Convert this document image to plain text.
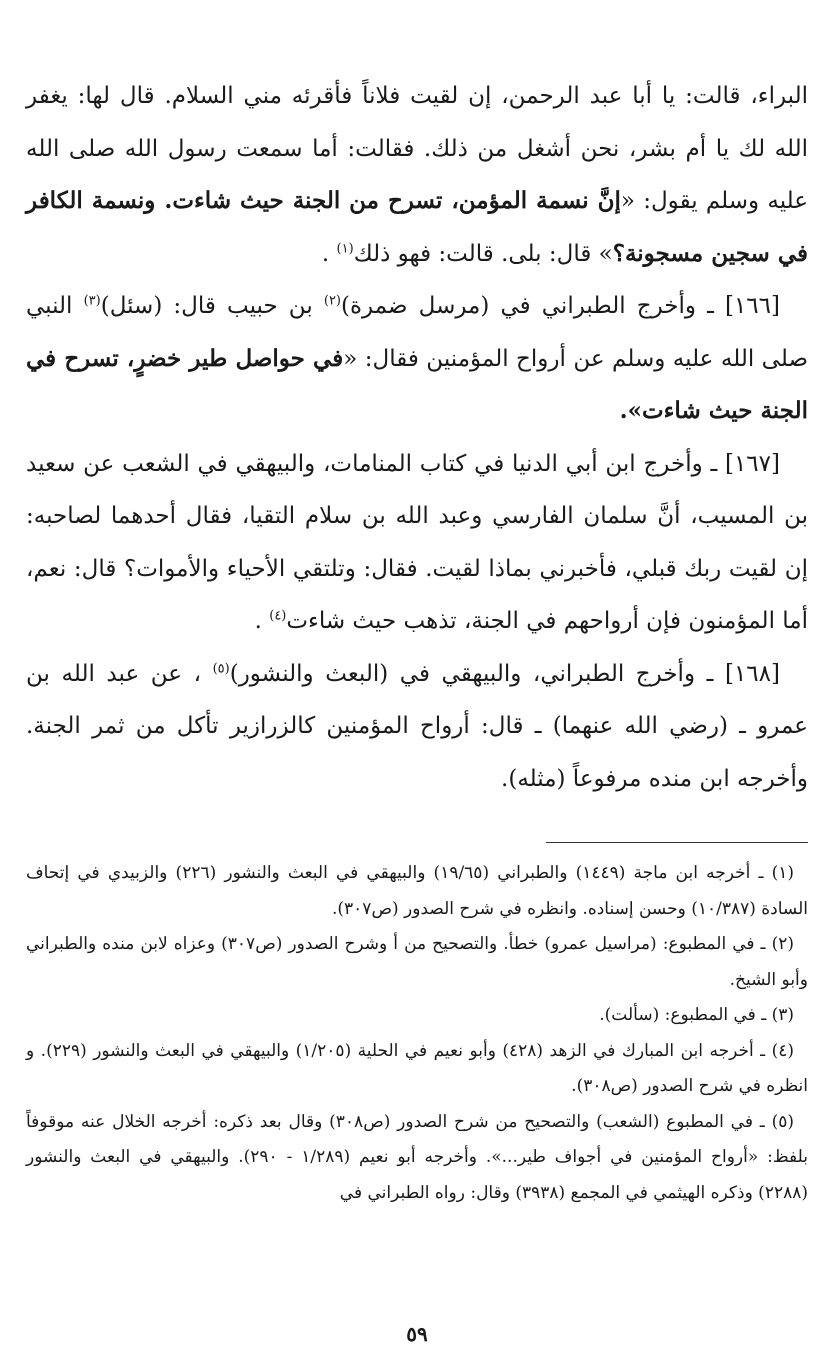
البراء، قالت: يا أبا عبد الرحمن، إن لقيت فلاناً فأقرئه مني السلام. قال لها: يغفر الله لك يا أم بشر، نحن أشغل من ذلك. فقالت: أما سمعت رسول الله صلى الله عليه وسلم يقول: «إنَّ نسمة المؤمن، تسرح من الجنة حيث شاءت. ونسمة الكافر في سجين مسجونة؟» قال: بلى. قالت: فهو ذلك$^{(١)}$ .

[١٦٦] ـ وأخرج الطبراني في (مرسل ضمرة)$^{(٢)}$ بن حبيب قال: (سئل)$^{(٣)}$ النبي صلى الله عليه وسلم عن أرواح المؤمنين فقال: «في حواصل طير خضرٍ، تسرح في الجنة حيث شاءت».

[١٦٧] ـ وأخرج ابن أبي الدنيا في كتاب المنامات، والبيهقي في الشعب عن سعيد بن المسيب، أنَّ سلمان الفارسي وعبد الله بن سلام التقيا، فقال أحدهما لصاحبه: إن لقيت ربك قبلي، فأخبرني بماذا لقيت. فقال: وتلتقي الأحياء والأموات؟ قال: نعم، أما المؤمنون فإن أرواحهم في الجنة، تذهب حيث شاءت$^{(٤)}$ .

[١٦٨] ـ وأخرج الطبراني، والبيهقي في (البعث والنشور)$^{(٥)}$ ، عن عبد الله بن عمرو ـ (رضي الله عنهما) ـ قال: أرواح المؤمنين كالزرازير تأكل من ثمر الجنة. وأخرجه ابن منده مرفوعاً (مثله).

(١) ـ أخرجه ابن ماجة (١٤٤٩) والطبراني (١٩/٦٥) والبيهقي في البعث والنشور (٢٢٦) والزبيدي في إتحاف السادة (١٠/٣٨٧) وحسن إسناده. وانظره في شرح الصدور (ص٣٠٧).

(٢) ـ في المطبوع: (مراسيل عمرو) خطأ. والتصحيح من أ وشرح الصدور (ص٣٠٧) وعزاه لابن منده والطبراني وأبو الشيخ.

(٣) ـ في المطبوع: (سألت).

(٤) ـ أخرجه ابن المبارك في الزهد (٤٢٨) وأبو نعيم في الحلية (١/٢٠٥) والبيهقي في البعث والنشور (٢٢٩). و انظره في شرح الصدور (ص٣٠٨).

(٥) ـ في المطبوع (الشعب) والتصحيح من شرح الصدور (ص٣٠٨) وقال بعد ذكره: أخرجه الخلال عنه موقوفاً بلفظ: «أرواح المؤمنين في أجواف طير...». وأخرجه أبو نعيم (١/٢٨٩ - ٢٩٠). والبيهقي في البعث والنشور (٢٢٨٨) وذكره الهيثمي في المجمع (٣٩٣٨) وقال: رواه الطبراني في

٥٩
